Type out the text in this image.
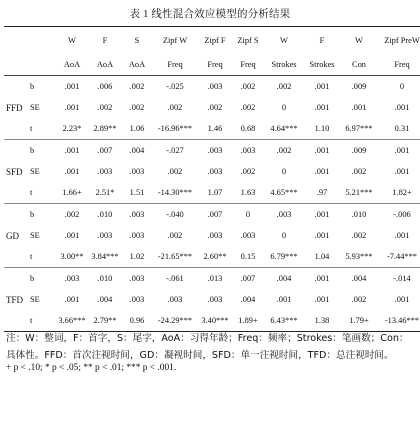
表 1 线性混合效应模型的分析结果
		W	F	S	Zipf W	Zipf F	Zipf S	W	F	W	Zipf PreW
		AoA	AoA	AoA	Freq	Freq	Freq	Strokes	Strokes	Con	Freq
	b	.001	.006	.002	-.025	.003	.002	.002	.001	.009	0
FFD	SE	.001	.002	.002	.002	.002	.002	0	.001	.001	.001
	t	2.23*	2.89**	1.06	-16.96***	1.46	0.68	4.64***	1.10	6.97***	0.31
	b	.001	.007	.004	-.027	.003	.003	.002	.001	.009	.001
SFD	SE	.001	.003	.003	.002	.003	.002	0	.001	.002	.001
	t	1.66+	2.51*	1.51	-14.30***	1.07	1.63	4.65***	.97	5.21***	1.82+
	b	.002	.010	.003	-.040	.007	0	.003	.001	.010	-.006
GD	SE	.001	.003	.003	.002	.003	.003	0	.001	.002	.001
	t	3.00**	3.84***	1.02	-21.65***	2.60**	0.15	6.79***	1.04	5.93***	-7.44***
	b	.003	.010	.003	-.061	.013	.007	.004	.001	.004	-.014
TFD	SE	.001	.004	.003	.003	.003	.004	.001	.001	.002	.001
	t	3.66***	2.79**	0.96	-24.29***	3.40***	1.89+	6.43***	1.38	1.79+	-13.46***
注：W：整词，F：首字，S：尾字，AoA：习得年龄；Freq：频率；Strokes：笔画数；Con：具体性。FFD：首次注视时间，GD：凝视时间，SFD：单一注视时间，TFD：总注视时间。
+ p < .10; * p < .05; ** p < .01; *** p < .001.
